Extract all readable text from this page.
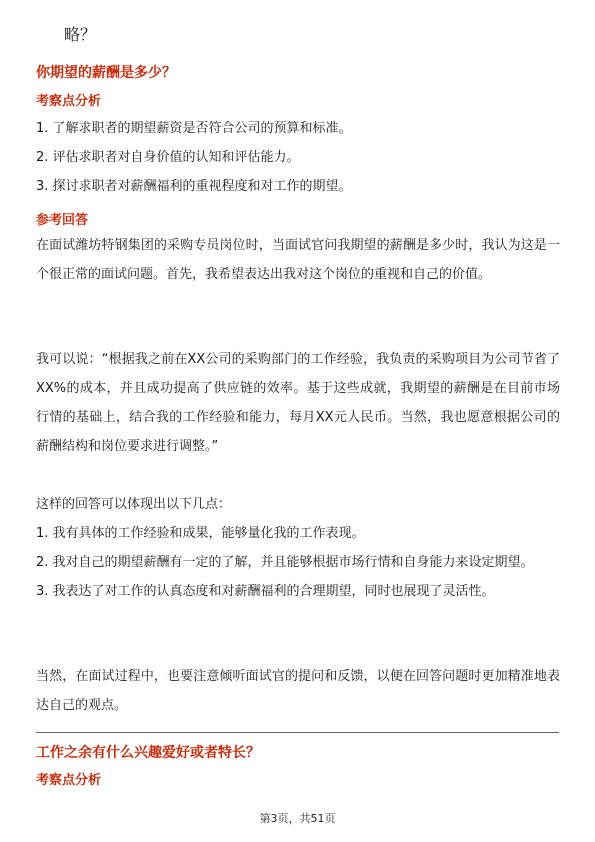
略？

你期望的薪酬是多少？
考察点分析
1. 了解求职者的期望薪资是否符合公司的预算和标准。
2. 评估求职者对自身价值的认知和评估能力。
3. 探讨求职者对薪酬福利的重视程度和对工作的期望。
参考回答

在面试潍坊特钢集团的采购专员岗位时，当面试官问我期望的薪酬是多少时，我认为这是一个很正常的面试问题。首先，我希望表达出我对这个岗位的重视和自己的价值。

我可以说：“根据我之前在XX公司的采购部门的工作经验，我负责的采购项目为公司节省了XX%的成本，并且成功提高了供应链的效率。基于这些成就，我期望的薪酬是在目前市场行情的基础上，结合我的工作经验和能力，每月XX元人民币。当然，我也愿意根据公司的薪酬结构和岗位要求进行调整。”

这样的回答可以体现出以下几点：

1. 我有具体的工作经验和成果，能够量化我的工作表现。
2. 我对自己的期望薪酬有一定的了解，并且能够根据市场行情和自身能力来设定期望。
3. 我表达了对工作的认真态度和对薪酬福利的合理期望，同时也展现了灵活性。

当然，在面试过程中，也要注意倾听面试官的提问和反馈，以便在回答问题时更加精准地表达自己的观点。

工作之余有什么兴趣爱好或者特长？
考察点分析
第3页，共51页
